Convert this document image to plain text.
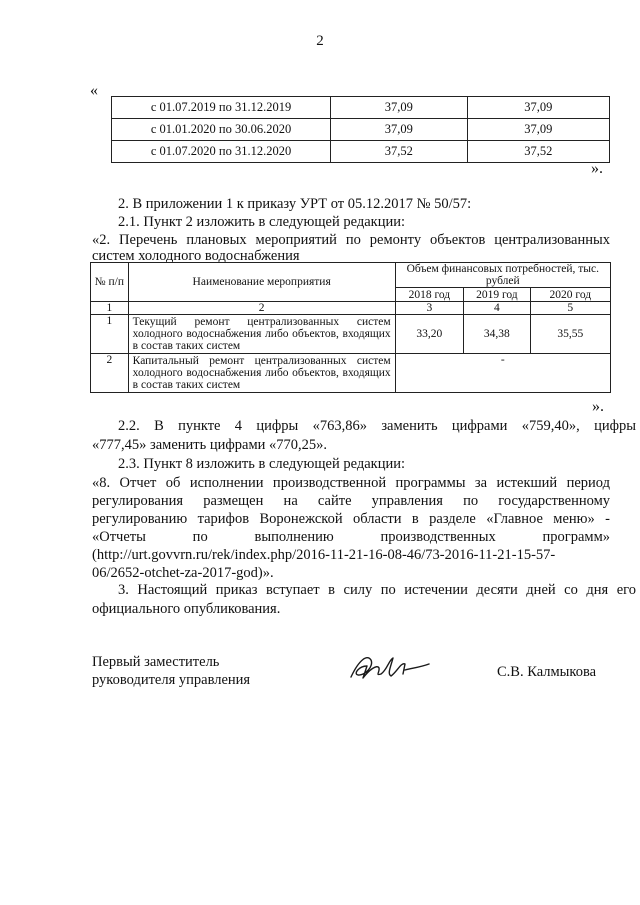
2
«
с 01.07.2019 по 31.12.2019	37,09	37,09
с 01.01.2020 по 30.06.2020	37,09	37,09
с 01.07.2020 по 31.12.2020	37,52	37,52
».
2. В приложении 1 к приказу УРТ от 05.12.2017 № 50/57:
2.1. Пункт 2 изложить в следующей редакции:
«2. Перечень плановых мероприятий по ремонту объектов централизованных
систем холодного водоснабжения
№ п/п	Наименование мероприятия	Объем финансовых потребностей, тыс. рублей		
		2018 год	2019 год	2020 год
1	2	3	4	5
1	Текущий ремонт централизованных систем холодного водоснабжения либо объектов, входящих в состав таких систем	33,20	34,38	35,55
2	Капитальный ремонт централизованных систем холодного водоснабжения либо объектов, входящих в состав таких систем	-		
».
2.2. В пункте 4 цифры «763,86» заменить цифрами «759,40», цифры
«777,45» заменить цифрами «770,25».
2.3. Пункт 8 изложить в следующей редакции:
«8. Отчет об исполнении производственной программы за истекший период
регулирования размещен на сайте управления по государственному
регулированию тарифов Воронежской области в разделе «Главное меню» -
«Отчеты по выполнению производственных программ»
(http://urt.govvrn.ru/rek/index.php/2016-11-21-16-08-46/73-2016-11-21-15-57-
06/2652-otchet-za-2017-god)».
3. Настоящий приказ вступает в силу по истечении десяти дней со дня его
официального опубликования.
Первый заместитель
руководителя управления	С.В. Калмыкова
